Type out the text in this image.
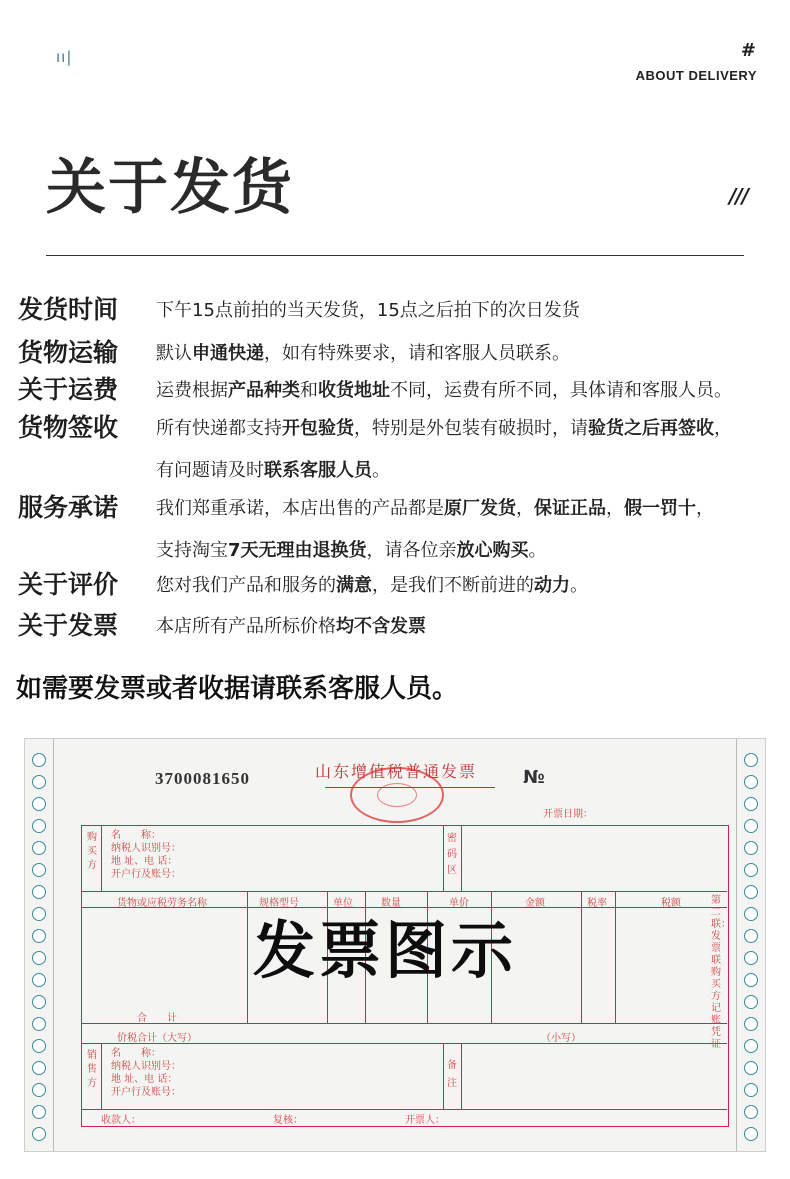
ıı|	#
ABOUT DELIVERY
关于发货	///
发货时间 下午15点前拍的当天发货，15点之后拍下的次日发货
货物运输 默认申通快递，如有特殊要求，请和客服人员联系。
关于运费 运费根据产品种类和收货地址不同，运费有所不同，具体请和客服人员。
货物签收 所有快递都支持开包验货，特别是外包装有破损时，请验货之后再签收，
有问题请及时联系客服人员。
服务承诺 我们郑重承诺，本店出售的产品都是原厂发货，保证正品，假一罚十，
支持淘宝7天无理由退换货，请各位亲放心购买。
关于评价 您对我们产品和服务的满意，是我们不断前进的动力。
关于发票 本店所有产品所标价格均不含发票
如需要发票或者收据请联系客服人员。
3700081650	山东增值税普通发票	№
开票日期：
购买方
密码区
名　　称：
纳税人识别号：
地 址、电 话：
开户行及账号：
货物或应税劳务名称	规格型号	单位	数量	单价	金额	税率	税额
合　　计
价税合计（大写）	（小写）
销售方
备注
名　　称：
纳税人识别号：
地 址、电 话：
开户行及账号：
收款人：	复核：	开票人：
第二联：发票联 购买方记账凭证
发票图示
